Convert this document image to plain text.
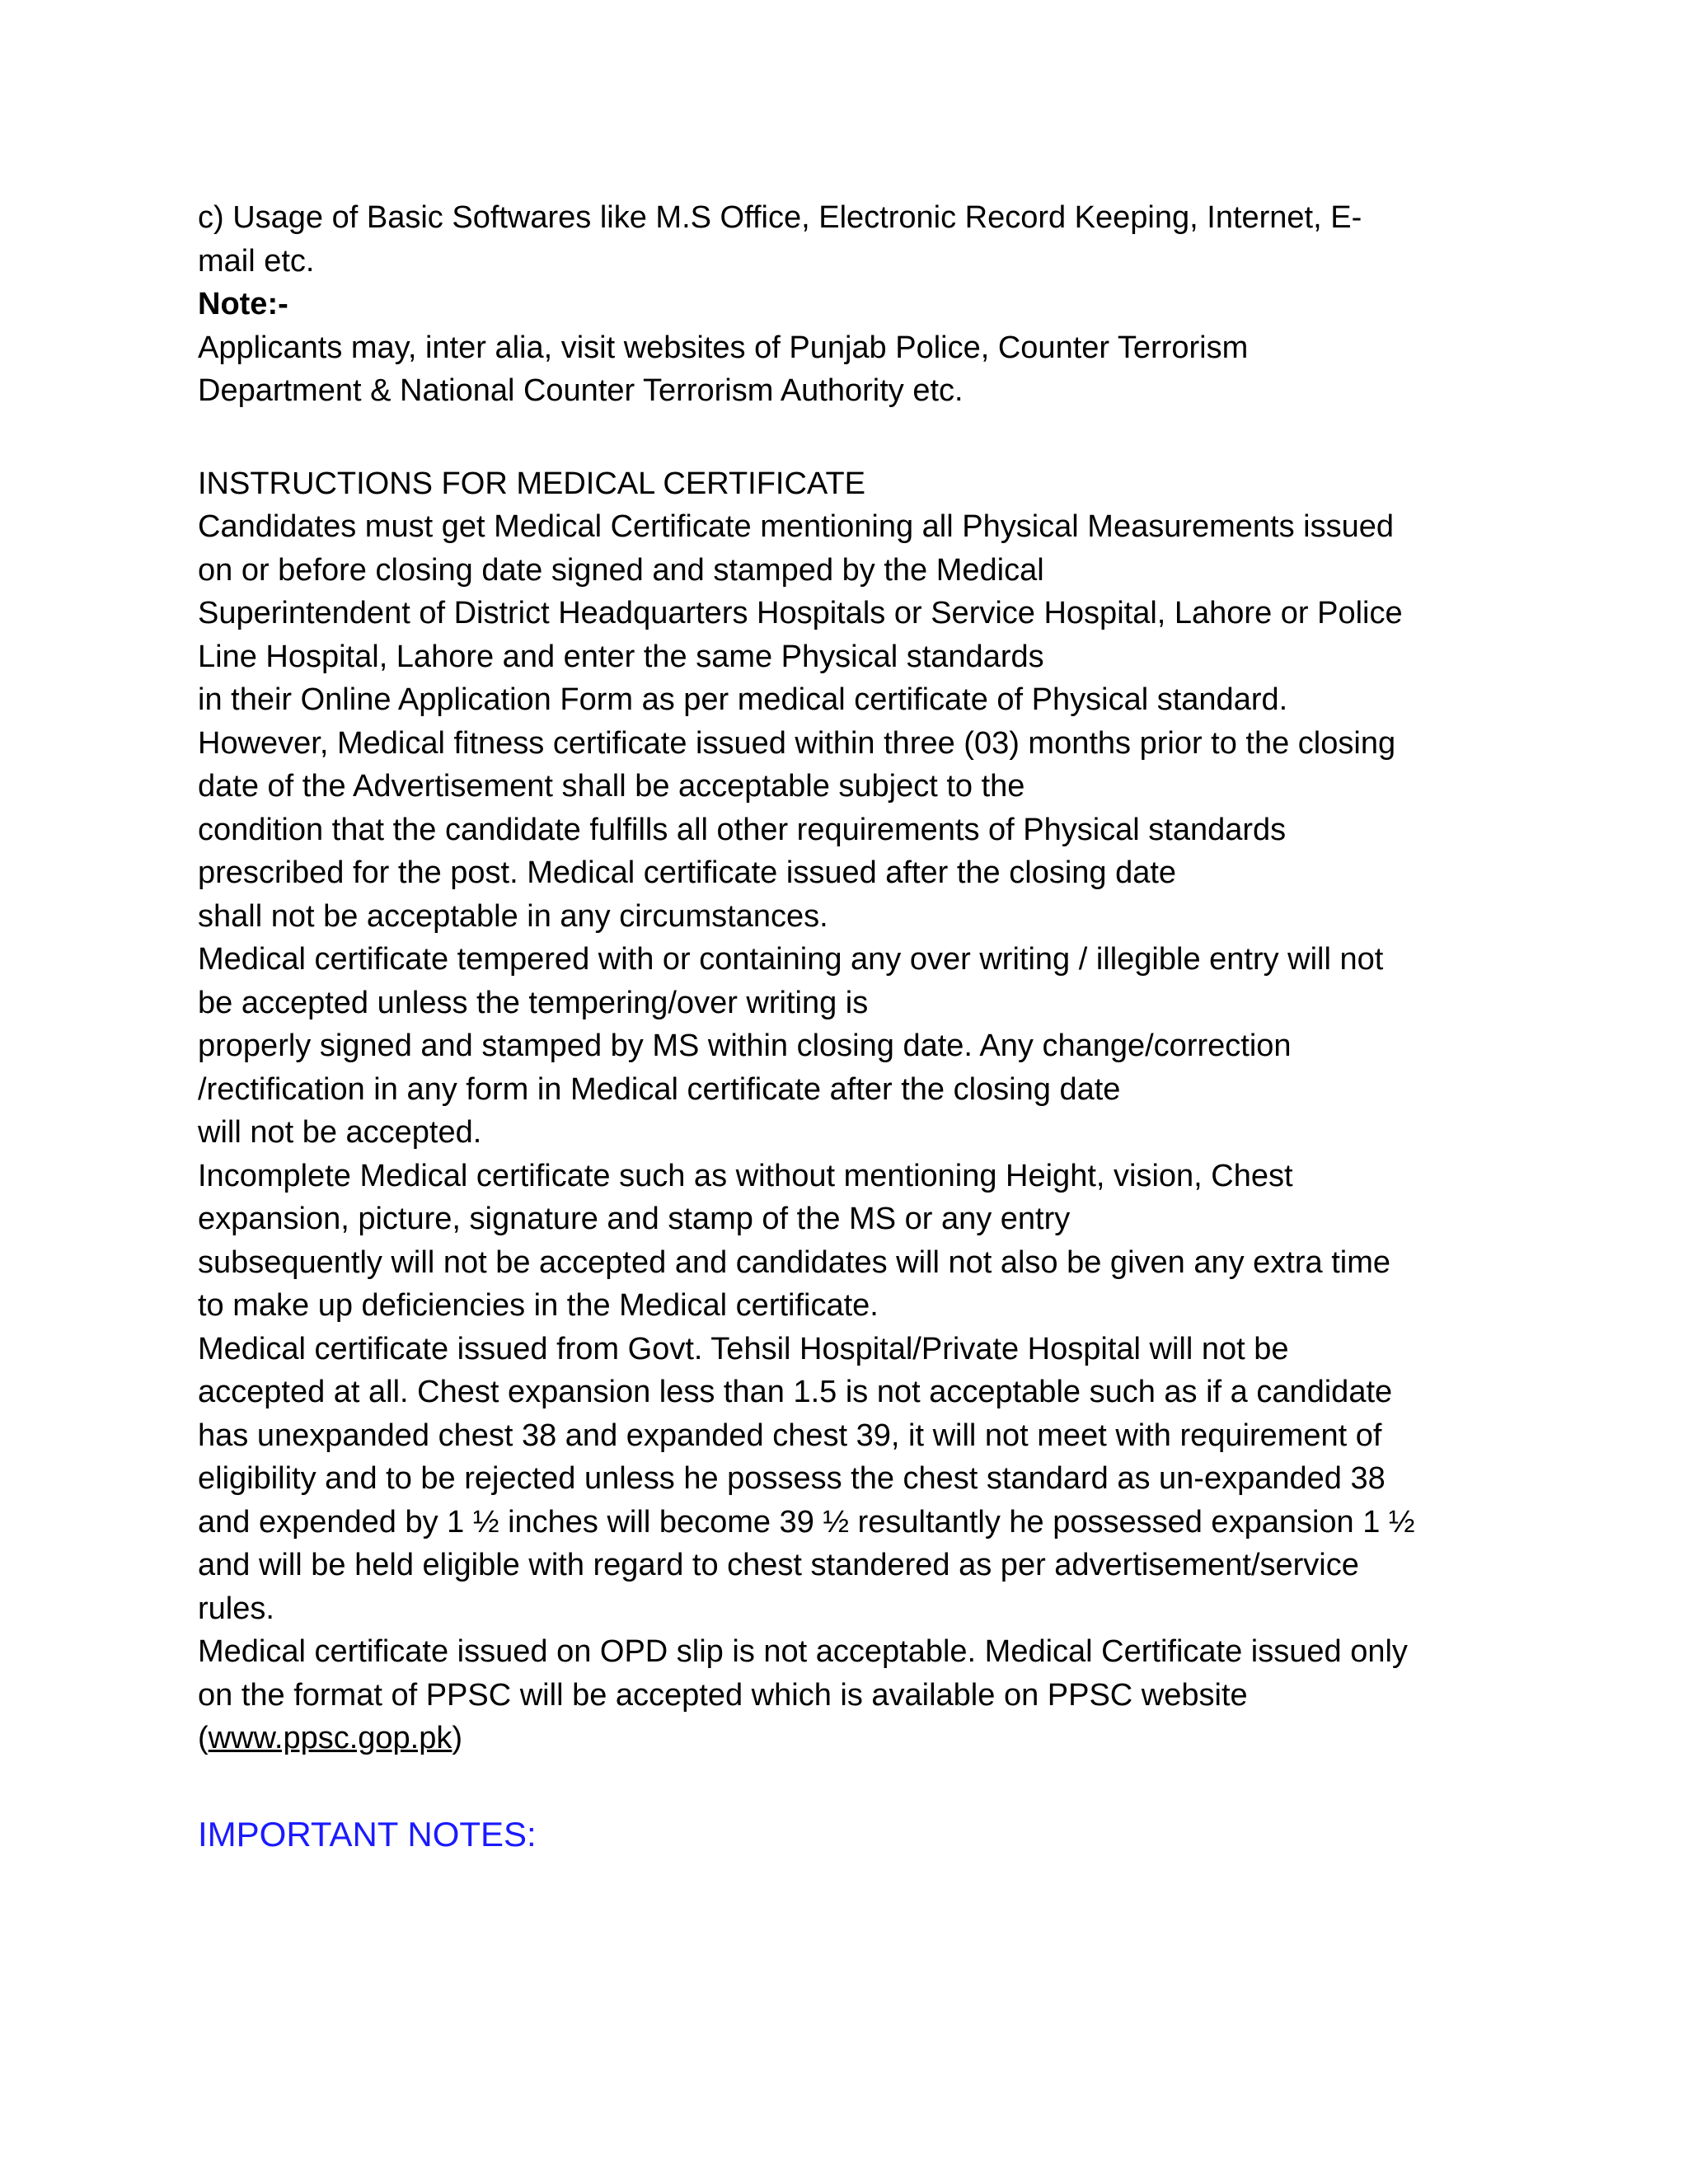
c) Usage of Basic Softwares like M.S Office, Electronic Record Keeping, Internet, E-
mail etc.
Note:-
Applicants may, inter alia, visit websites of Punjab Police, Counter Terrorism
Department & National Counter Terrorism Authority etc.
INSTRUCTIONS FOR MEDICAL CERTIFICATE
Candidates must get Medical Certificate mentioning all Physical Measurements issued
on or before closing date signed and stamped by the Medical
Superintendent of District Headquarters Hospitals or Service Hospital, Lahore or Police
Line Hospital, Lahore and enter the same Physical standards
in their Online Application Form as per medical certificate of Physical standard.
However, Medical fitness certificate issued within three (03) months prior to the closing
date of the Advertisement shall be acceptable subject to the
condition that the candidate fulfills all other requirements of Physical standards
prescribed for the post. Medical certificate issued after the closing date
shall not be acceptable in any circumstances.
Medical certificate tempered with or containing any over writing / illegible entry will not
be accepted unless the tempering/over writing is
properly signed and stamped by MS within closing date. Any change/correction
/rectification in any form in Medical certificate after the closing date
will not be accepted.
Incomplete Medical certificate such as without mentioning Height, vision, Chest
expansion, picture, signature and stamp of the MS or any entry
subsequently will not be accepted and candidates will not also be given any extra time
to make up deficiencies in the Medical certificate.
Medical certificate issued from Govt. Tehsil Hospital/Private Hospital will not be
accepted at all. Chest expansion less than 1.5 is not acceptable such as if a candidate
has unexpanded chest 38 and expanded chest 39, it will not meet with requirement of
eligibility and to be rejected unless he possess the chest standard as un-expanded 38
and expended by 1 ½ inches will become 39 ½ resultantly he possessed expansion 1 ½
and will be held eligible with regard to chest standered as per advertisement/service
rules.
Medical certificate issued on OPD slip is not acceptable. Medical Certificate issued only
on the format of PPSC will be accepted which is available on PPSC website
(www.ppsc.gop.pk)
IMPORTANT NOTES:
